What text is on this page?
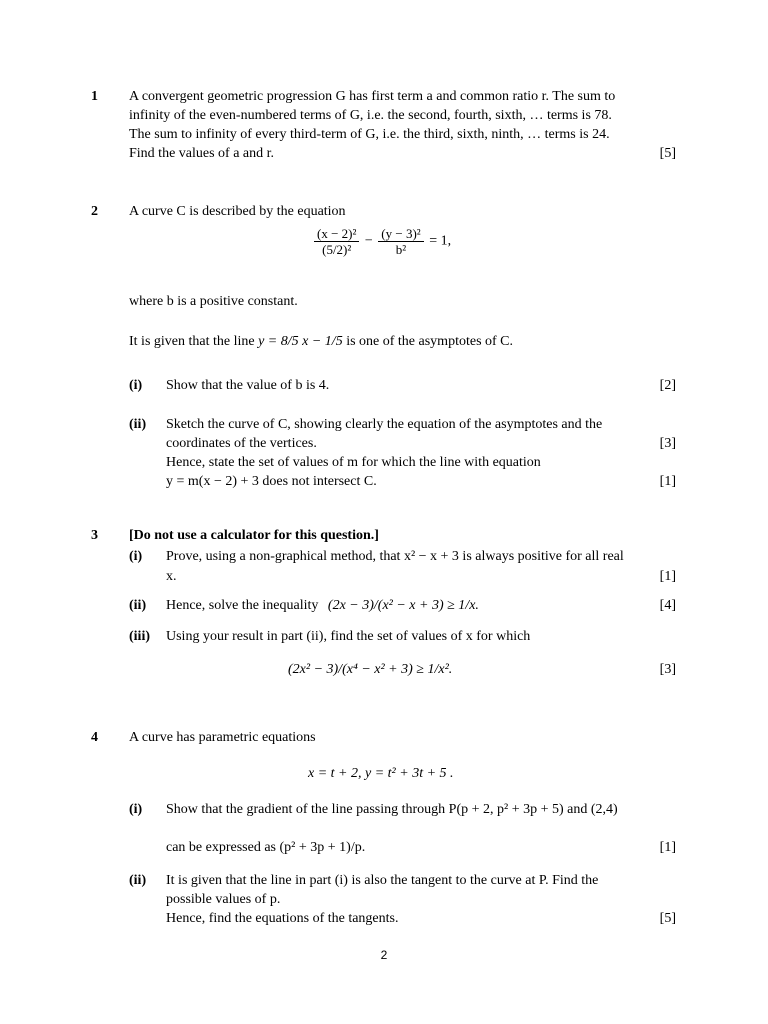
1 A convergent geometric progression G has first term a and common ratio r. The sum to
infinity of the even-numbered terms of G, i.e. the second, fourth, sixth, … terms is 78.
The sum to infinity of every third-term of G, i.e. the third, sixth, ninth, … terms is 24.
Find the values of a and r.	[5]
2 A curve C is described by the equation
$\frac{\text{(x − 2)²}}{\text{(5/2)²}} - \frac{\text{(y − 3)²}}{\text{b²}} = 1$,
where b is a positive constant.
It is given that the line y = 8/5 x − 1/5 is one of the asymptotes of C.
(i) Show that the value of b is 4.	[2]
(ii) Sketch the curve of C, showing clearly the equation of the asymptotes and the
coordinates of the vertices.	[3]
Hence, state the set of values of m for which the line with equation
y = m(x − 2) + 3 does not intersect C.	[1]
3 [Do not use a calculator for this question.]
(i) Prove, using a non-graphical method, that x² − x + 3 is always positive for all real
x.	[1]
(ii) Hence, solve the inequality (2x − 3)/(x² − x + 3) ≥ 1/x.	[4]
(iii) Using your result in part (ii), find the set of values of x for which
(2x² − 3)/(x⁴ − x² + 3) ≥ 1/x².	[3]
4 A curve has parametric equations
x = t + 2, y = t² + 3t + 5 .
(i) Show that the gradient of the line passing through P(p + 2, p² + 3p + 5) and (2,4)
can be expressed as (p² + 3p + 1)/p.	[1]
(ii) It is given that the line in part (i) is also the tangent to the curve at P. Find the
possible values of p.
Hence, find the equations of the tangents.	[5]
2
